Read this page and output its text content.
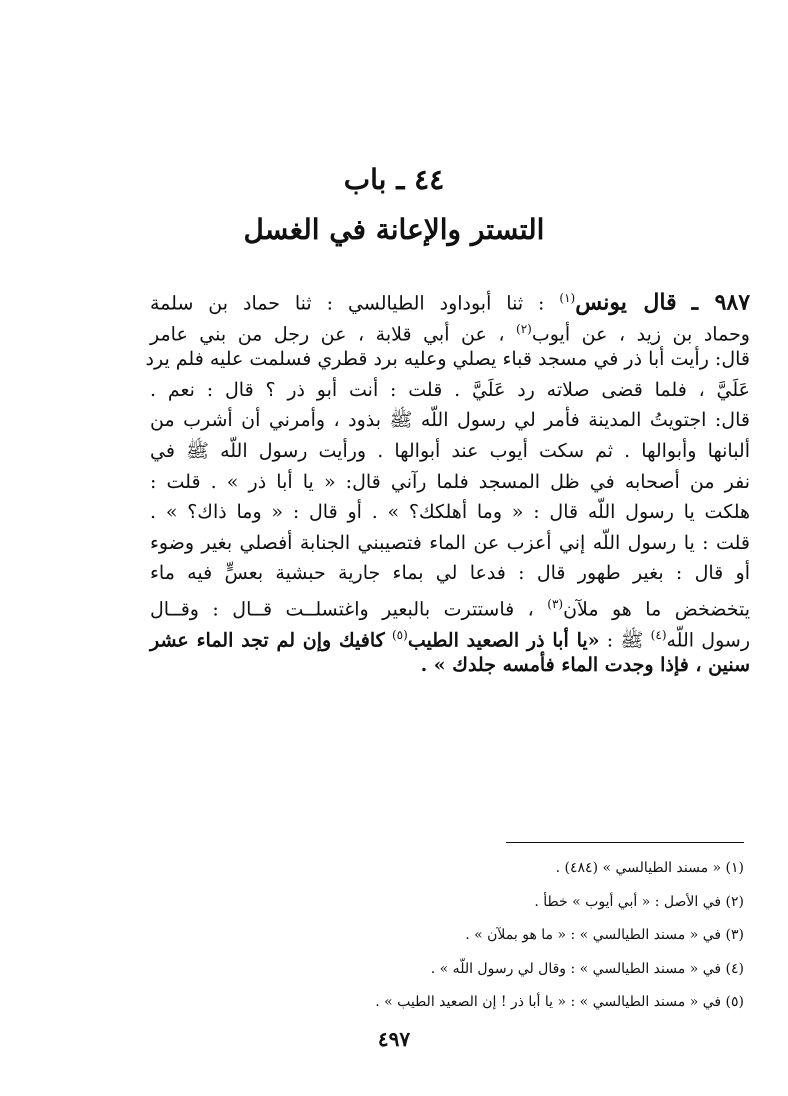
٤٤ ـ باب
التستر والإعانة في الغسل
٩٨٧ ـ قال يونس$^{(١)}$ : ثنا أبوداود الطيالسي : ثنا حماد بن سلمة
وحماد بن زيد ، عن أيوب$^{(٢)}$ ، عن أبي قلابة ، عن رجل من بني عامر
قال: رأيت أبا ذر في مسجد قباء يصلي وعليه برد قطري فسلمت عليه فلم يرد
عَلَيَّ ، فلما قضى صلاته رد عَلَيَّ . قلت : أنت أبو ذر ؟ قال : نعم .
قال: اجتويتُ المدينة فأمر لي رسول اللّه ﷺ بذود ، وأمرني أن أشرب من
ألبانها وأبوالها . ثم سكت أيوب عند أبوالها . ورأيت رسول اللّه ﷺ في
نفر من أصحابه في ظل المسجد فلما رآني قال: « يا أبا ذر » . قلت :
هلكت يا رسول اللّه قال : « وما أهلكك؟ » . أو قال : « وما ذاك؟ » .
قلت : يا رسول اللّه إني أعزب عن الماء فتصيبني الجنابة أفصلي بغير وضوء
أو قال : بغير طهور قال : فدعا لي بماء جارية حبشية بعسٍّ فيه ماء
يتخضخض ما هو ملآن$^{(٣)}$ ، فاستترت بالبعير واغتسلــت قــال : وقــال
رسول اللّه$^{(٤)}$ ﷺ : «يا أبا ذر الصعيد الطيب$^{(٥)}$ كافيك وإن لم تجد الماء عشر
سنين ، فإذا وجدت الماء فأمسه جلدك » .
(١) « مسند الطيالسي » (٤٨٤) .
(٢) في الأصل : « أبي أيوب » خطأ .
(٣) في « مسند الطيالسي » : « ما هو بملآن » .
(٤) في « مسند الطيالسي » : وقال لي رسول اللّه » .
(٥) في « مسند الطيالسي » : « يا أبا ذر ! إن الصعيد الطيب » .
٤٩٧
